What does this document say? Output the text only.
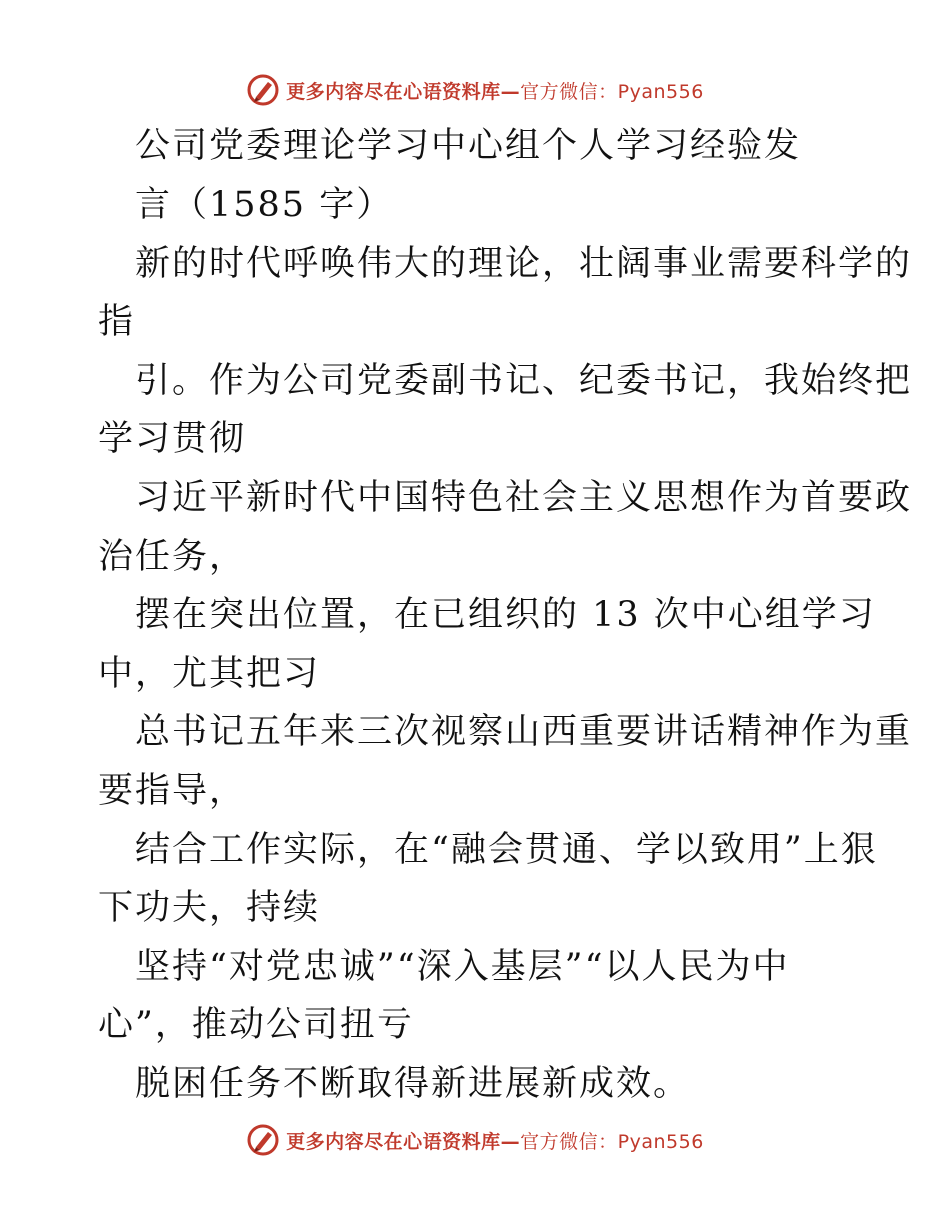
更多内容尽在心语资料库—官方微信：Pyan556
公司党委理论学习中心组个人学习经验发
言（1585 字）
新的时代呼唤伟大的理论，壮阔事业需要科学的
指
引。作为公司党委副书记、纪委书记，我始终把
学习贯彻
习近平新时代中国特色社会主义思想作为首要政
治任务，
摆在突出位置，在已组织的 13 次中心组学习
中，尤其把习
总书记五年来三次视察山西重要讲话精神作为重
要指导，
结合工作实际，在“融会贯通、学以致用”上狠
下功夫，持续
坚持“对党忠诚”“深入基层”“以人民为中
心”，推动公司扭亏
脱困任务不断取得新进展新成效。
更多内容尽在心语资料库—官方微信：Pyan556
